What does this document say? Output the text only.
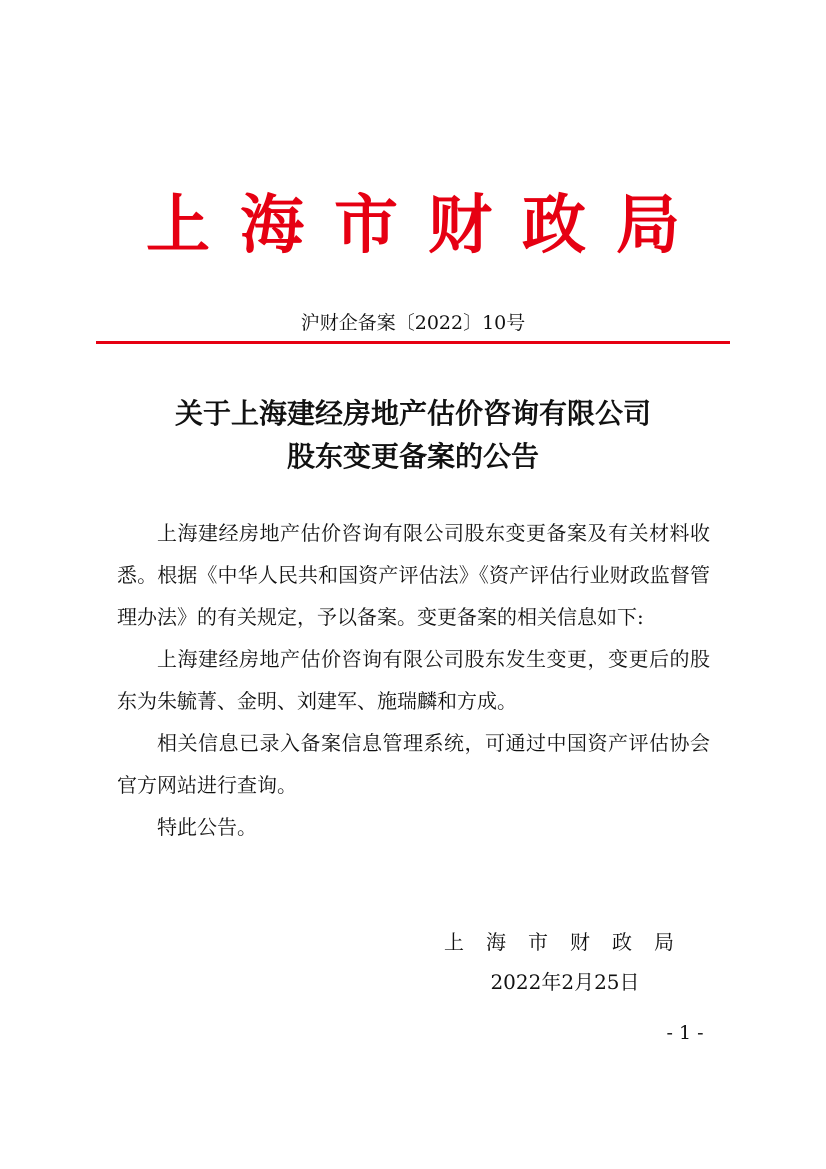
上海市财政局
沪财企备案〔2022〕10号
关于上海建经房地产估价咨询有限公司
股东变更备案的公告

上海建经房地产估价咨询有限公司股东变更备案及有关材料收悉。根据《中华人民共和国资产评估法》《资产评估行业财政监督管理办法》的有关规定，予以备案。变更备案的相关信息如下:

上海建经房地产估价咨询有限公司股东发生变更，变更后的股东为朱毓菁、金明、刘建军、施瑞麟和方成。

相关信息已录入备案信息管理系统，可通过中国资产评估协会官方网站进行查询。

特此公告。

上海市财政局
2022年2月25日
- 1 -
